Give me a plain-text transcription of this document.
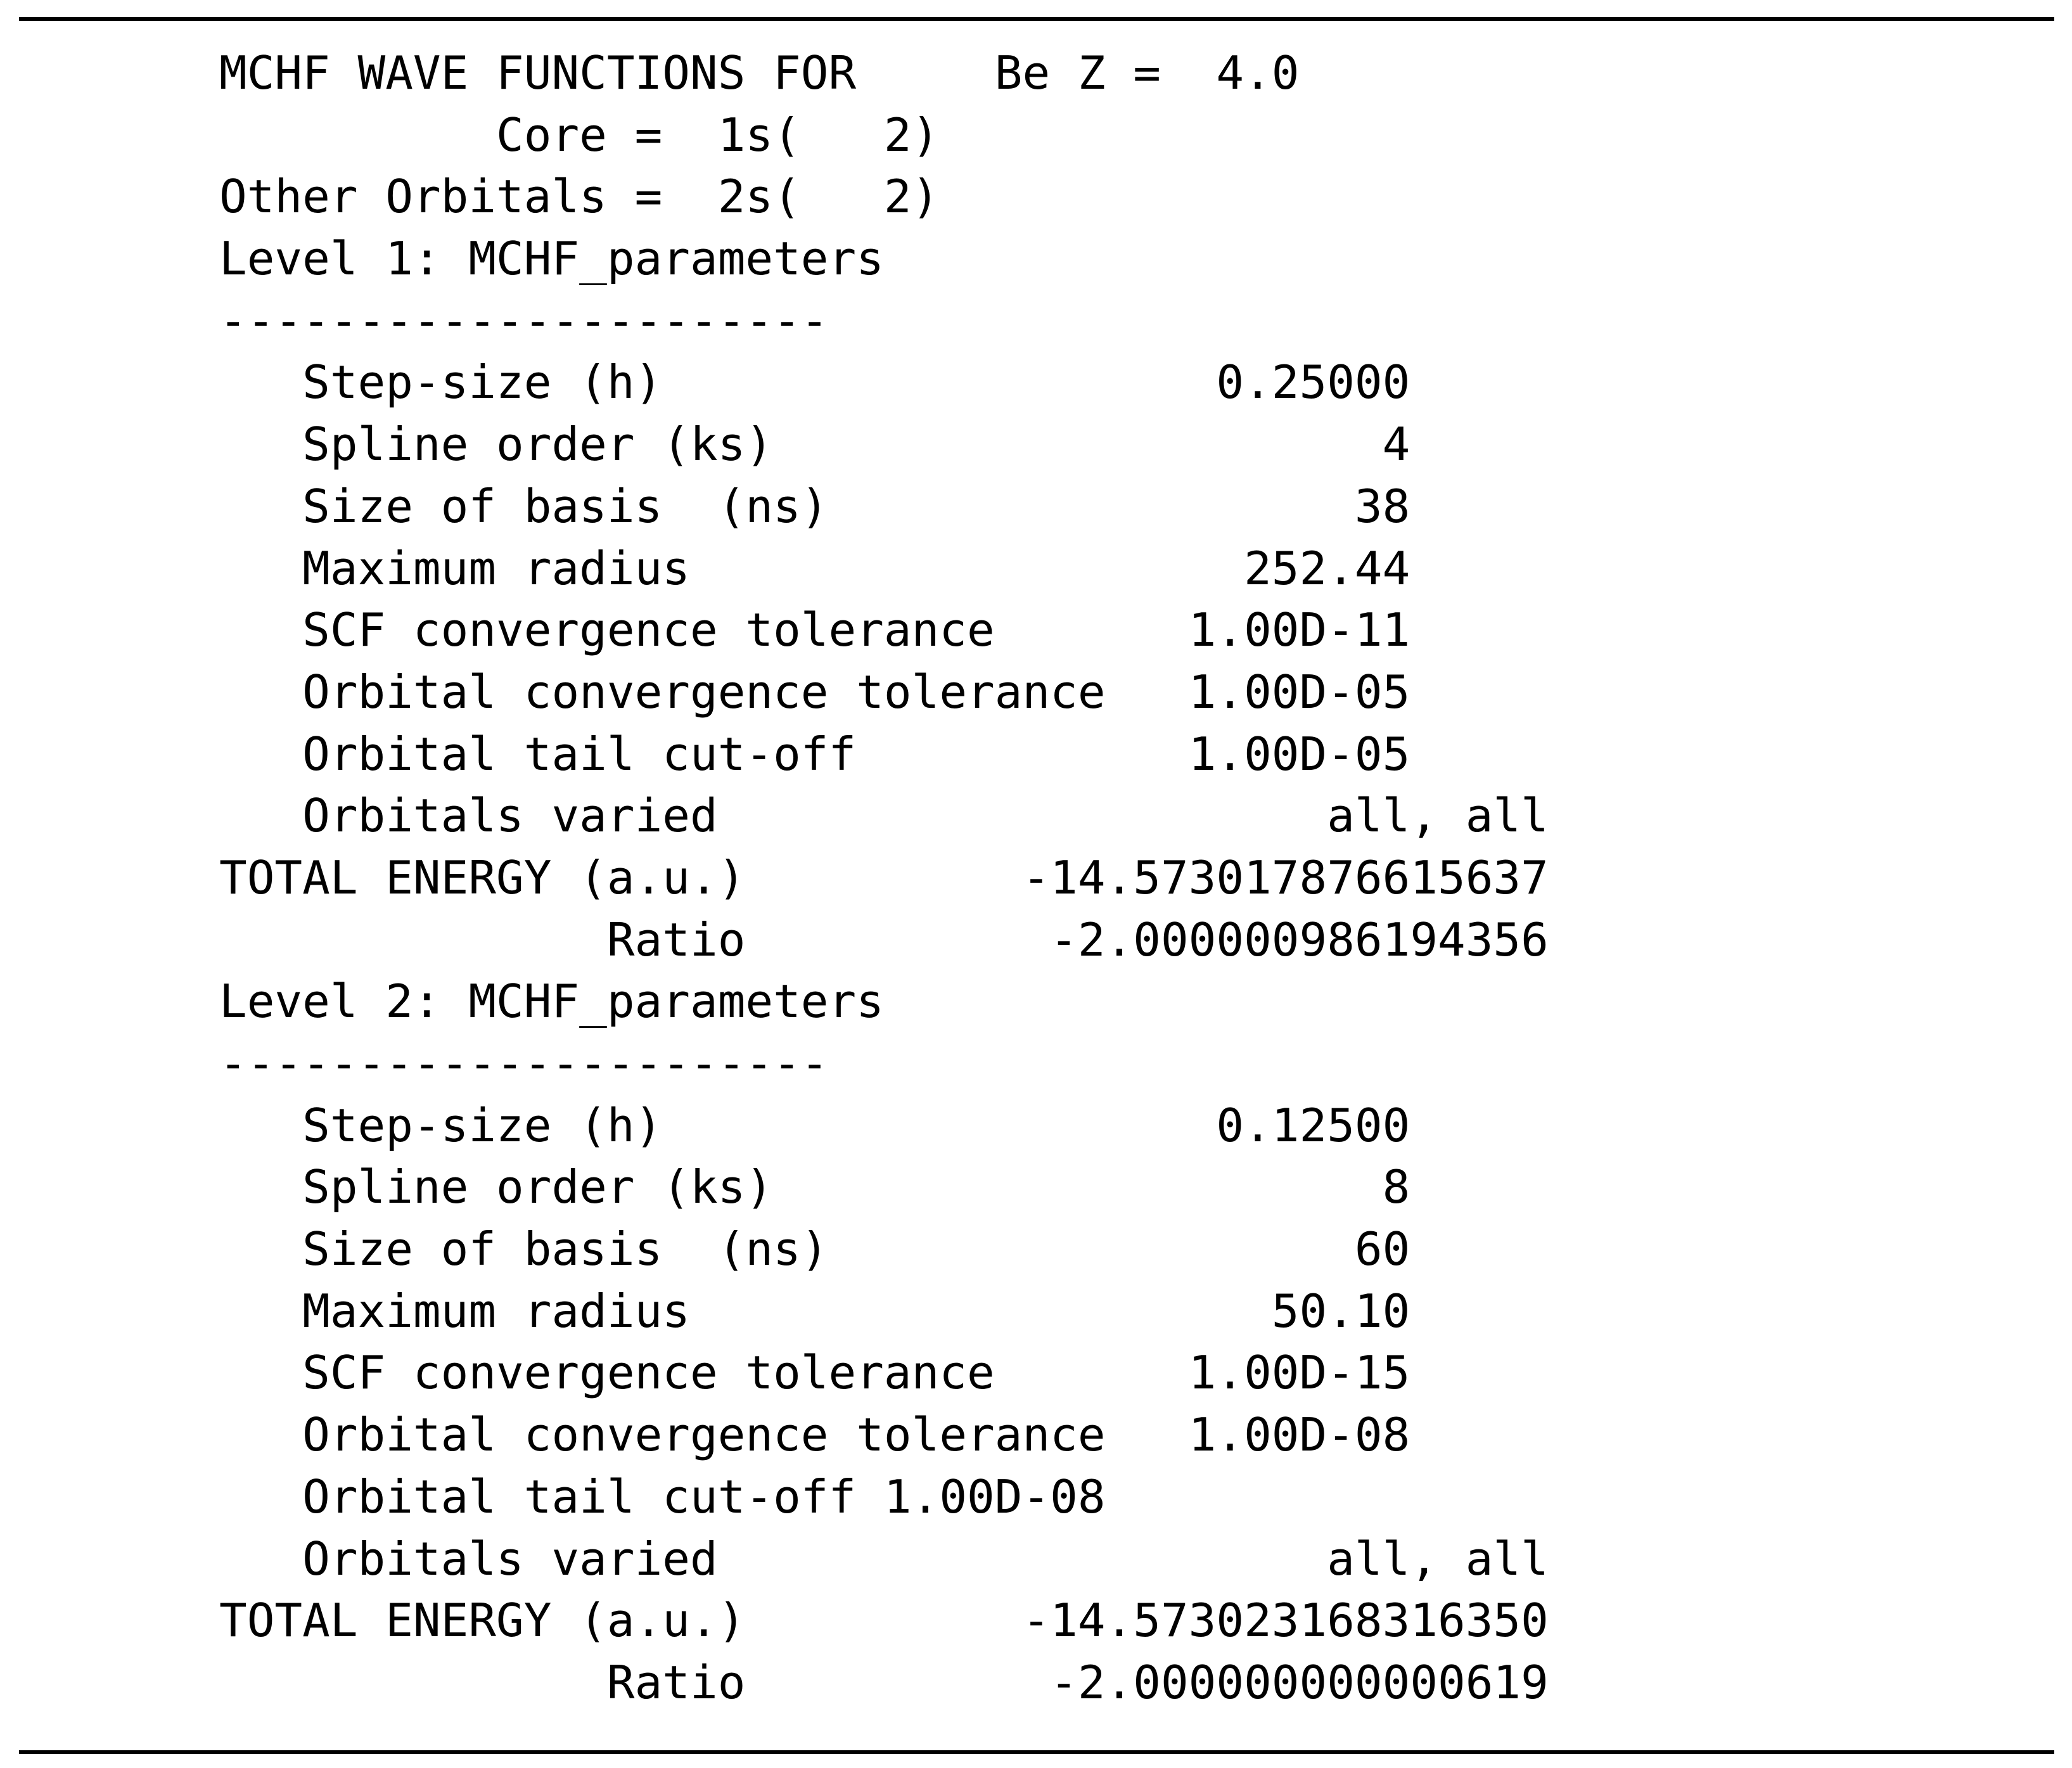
MCHF WAVE FUNCTIONS FOR     Be Z =  4.0
Core =  1s(   2)
Other Orbitals =  2s(   2)
Level 1: MCHF_parameters
----------------------
Step-size (h)                    0.25000
Spline order (ks)                      4
Size of basis  (ns)                   38
Maximum radius                    252.44
SCF convergence tolerance       1.00D-11
Orbital convergence tolerance   1.00D-05
Orbital tail cut-off            1.00D-05
Orbitals varied                      all, all
TOTAL ENERGY (a.u.)          -14.573017876615637
Ratio           -2.000000986194356
Level 2: MCHF_parameters
----------------------
Step-size (h)                    0.12500
Spline order (ks)                      8
Size of basis  (ns)                   60
Maximum radius                     50.10
SCF convergence tolerance       1.00D-15
Orbital convergence tolerance   1.00D-08
Orbital tail cut-off 1.00D-08
Orbitals varied                      all, all
TOTAL ENERGY (a.u.)          -14.573023168316350
Ratio           -2.000000000000619
